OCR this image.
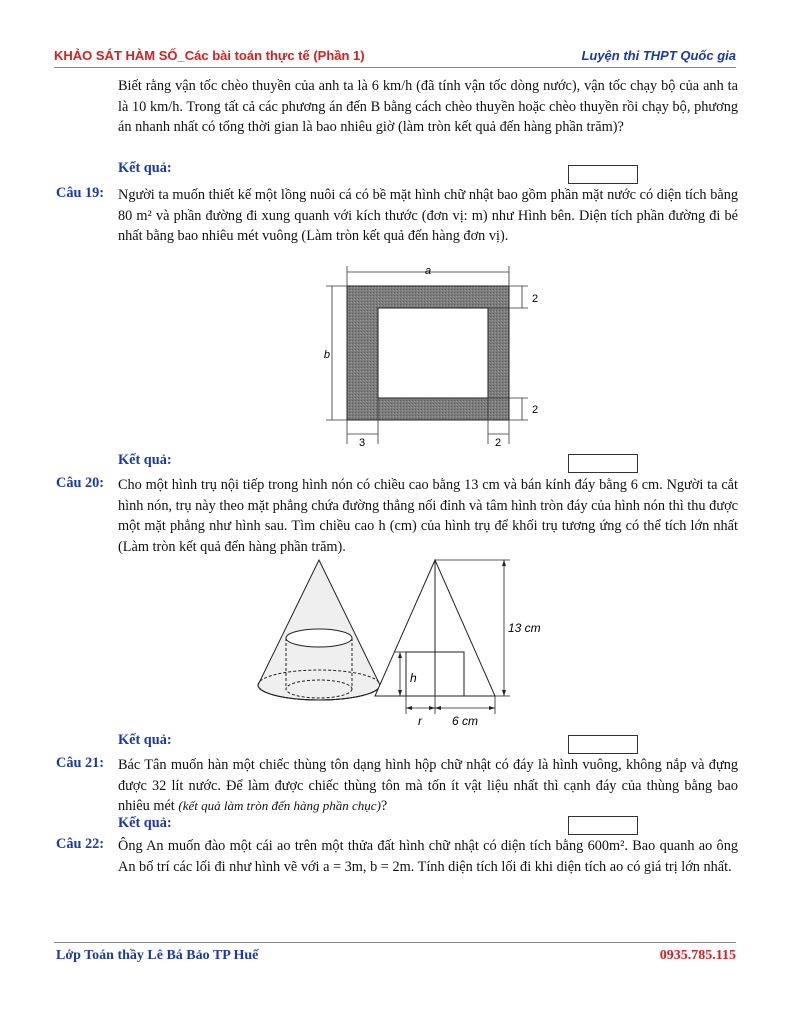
KHẢO SÁT HÀM SỐ_Các bài toán thực tế (Phần 1)	Luyện thi THPT Quốc gia
Biết rằng vận tốc chèo thuyền của anh ta là 6 km/h (đã tính vận tốc dòng nước), vận tốc chạy bộ của anh ta là 10 km/h. Trong tất cả các phương án đến B bằng cách chèo thuyền hoặc chèo thuyền rồi chạy bộ, phương án nhanh nhất có tổng thời gian là bao nhiêu giờ (làm tròn kết quả đến hàng phần trăm)?
Kết quả:
Câu 19: Người ta muốn thiết kế một lồng nuôi cá có bề mặt hình chữ nhật bao gồm phần mặt nước có diện tích bằng 80 m² và phần đường đi xung quanh với kích thước (đơn vị: m) như Hình bên. Diện tích phần đường đi bé nhất bằng bao nhiêu mét vuông (Làm tròn kết quả đến hàng đơn vị).
a
b
2
2
3	2
Kết quả:
Câu 20: Cho một hình trụ nội tiếp trong hình nón có chiều cao bằng 13 cm và bán kính đáy bằng 6 cm. Người ta cắt hình nón, trụ này theo mặt phẳng chứa đường thẳng nối đỉnh và tâm hình tròn đáy của hình nón thì thu được một mặt phẳng như hình sau. Tìm chiều cao h (cm) của hình trụ để khối trụ tương ứng có thể tích lớn nhất (Làm tròn kết quả đến hàng phần trăm).
h
13 cm
r 6 cm
Kết quả:
Câu 21: Bác Tân muốn hàn một chiếc thùng tôn dạng hình hộp chữ nhật có đáy là hình vuông, không nắp và đựng được 32 lít nước. Để làm được chiếc thùng tôn mà tốn ít vật liệu nhất thì cạnh đáy của thùng bằng bao nhiêu mét (kết quả làm tròn đến hàng phần chục)?
Kết quả:
Câu 22: Ông An muốn đào một cái ao trên một thửa đất hình chữ nhật có diện tích bằng 600m². Bao quanh ao ông An bố trí các lối đi như hình vẽ với a = 3m, b = 2m. Tính diện tích lối đi khi diện tích ao có giá trị lớn nhất.
Lớp Toán thầy Lê Bá Bảo TP Huế	0935.785.115
